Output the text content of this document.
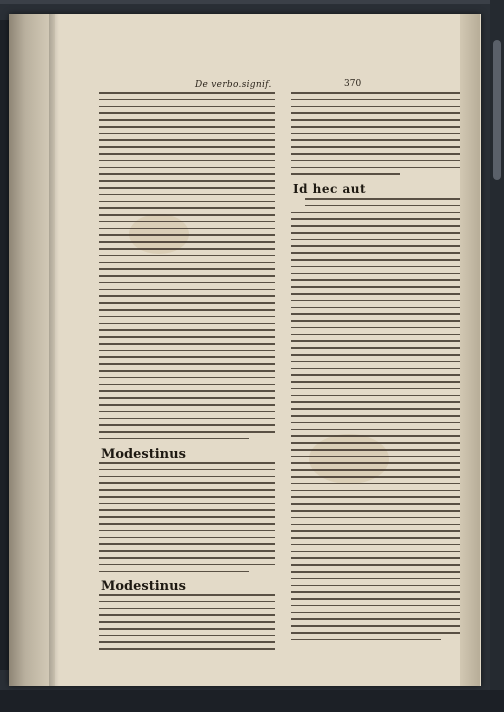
De verbo.signif.	370
Modestinus
Modestinus
Id hec aut
